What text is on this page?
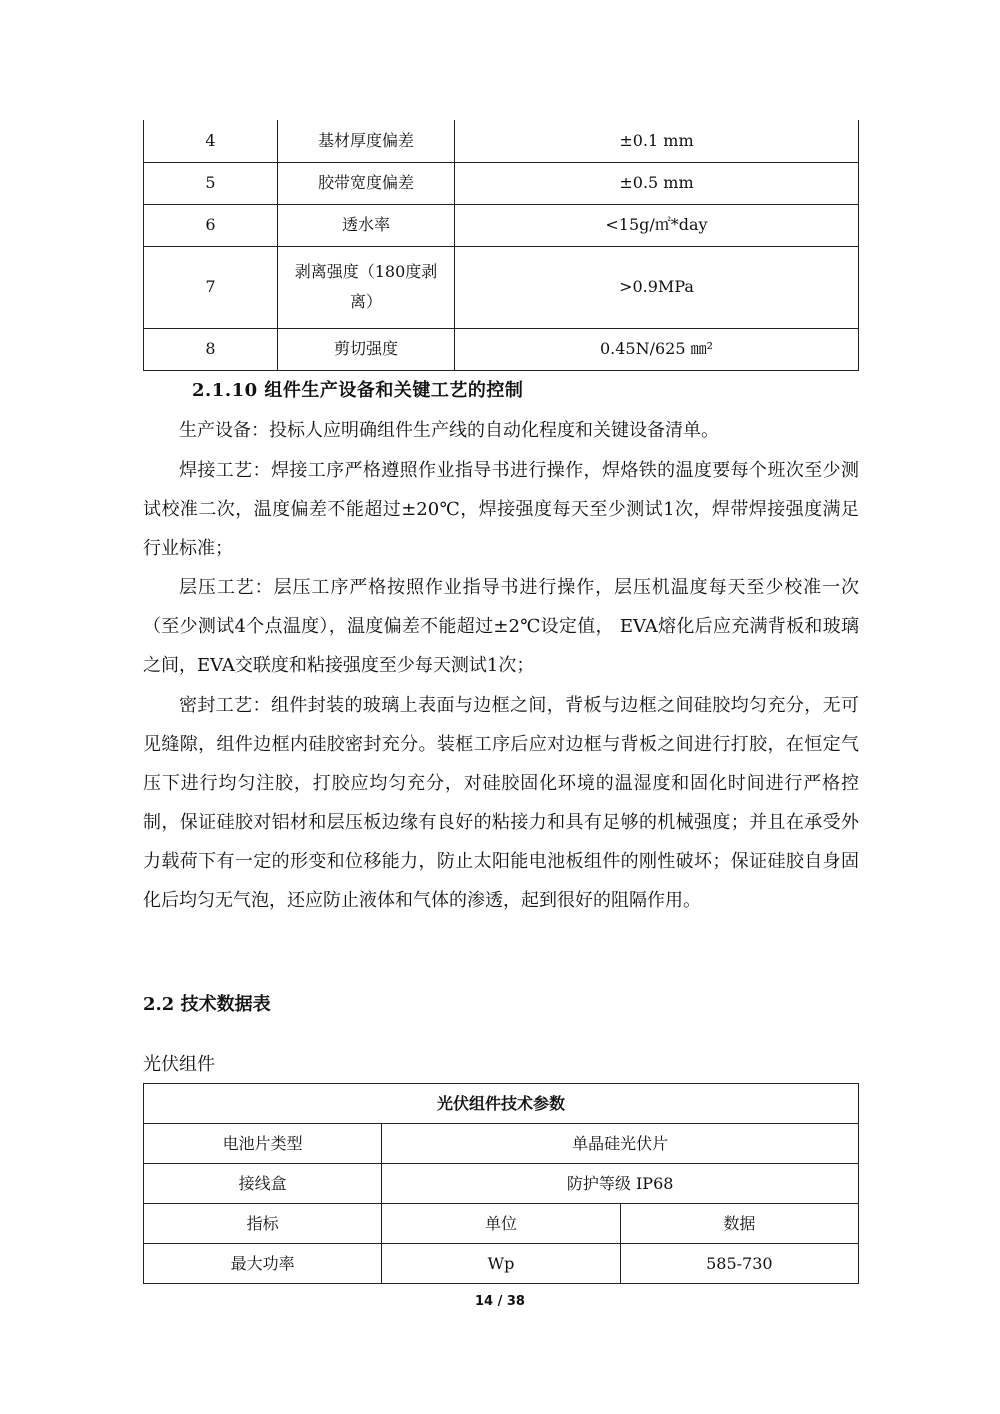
4	基材厚度偏差	±0.1 mm
5	胶带宽度偏差	±0.5 mm
6	透水率	<15g/㎡*day
7	剥离强度（180度剥离）	>0.9MPa
8	剪切强度	0.45N/625 ㎜²
2.1.10 组件生产设备和关键工艺的控制

生产设备：投标人应明确组件生产线的自动化程度和关键设备清单。

焊接工艺：焊接工序严格遵照作业指导书进行操作，焊烙铁的温度要每个班次至少测试校准二次，温度偏差不能超过±20℃，焊接强度每天至少测试1次，焊带焊接强度满足行业标准；

层压工艺：层压工序严格按照作业指导书进行操作，层压机温度每天至少校准一次（至少测试4个点温度），温度偏差不能超过±2℃设定值， EVA熔化后应充满背板和玻璃之间，EVA交联度和粘接强度至少每天测试1次；

密封工艺：组件封装的玻璃上表面与边框之间，背板与边框之间硅胶均匀充分，无可见缝隙，组件边框内硅胶密封充分。装框工序后应对边框与背板之间进行打胶，在恒定气压下进行均匀注胶，打胶应均匀充分，对硅胶固化环境的温湿度和固化时间进行严格控制，保证硅胶对铝材和层压板边缘有良好的粘接力和具有足够的机械强度；并且在承受外力载荷下有一定的形变和位移能力，防止太阳能电池板组件的刚性破坏；保证硅胶自身固化后均匀无气泡，还应防止液体和气体的渗透，起到很好的阻隔作用。

2.2 技术数据表
光伏组件
光伏组件技术参数		
电池片类型	单晶硅光伏片	
接线盒	防护等级 IP68	
指标	单位	数据
最大功率	Wp	585-730
14 / 38
